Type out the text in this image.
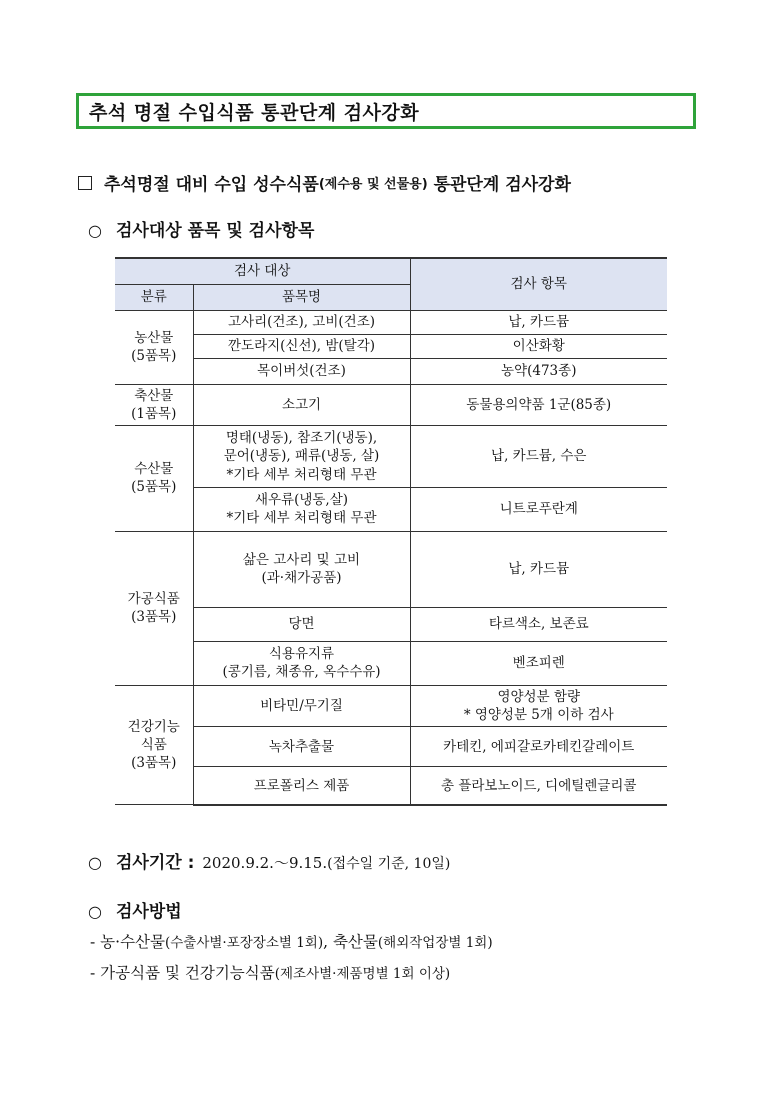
추석 명절 수입식품 통관단계 검사강화
추석명절 대비 수입 성수식품 (제수용 및 선물용) 통관단계 검사강화
○ 검사대상 품목 및 검사항목
검사 대상		검사 항목
분류	품목명	
농산물
(5품목)	고사리(건조), 고비(건조)	납, 카드뮴
	깐도라지(신선), 밤(탈각)	이산화황
	목이버섯(건조)	농약(473종)
축산물
(1품목)	소고기	동물용의약품 1군(85종)
수산물
(5품목)	명태(냉동), 참조기(냉동),
문어(냉동), 패류(냉동, 살)
*기타 세부 처리형태 무관	납, 카드뮴, 수은
	새우류(냉동,살)
*기타 세부 처리형태 무관	니트로푸란계
가공식품
(3품목)	삶은 고사리 및 고비
(과·채가공품)	납, 카드뮴
	당면	타르색소, 보존료
	식용유지류
(콩기름, 채종유, 옥수수유)	벤조피렌
건강기능
식품
(3품목)	비타민/무기질	영양성분 함량
* 영양성분 5개 이하 검사
	녹차추출물	카테킨, 에피갈로카테킨갈레이트
	프로폴리스 제품	총 플라보노이드, 디에틸렌글리콜
○ 검사기간 : 2020.9.2.～9.15. (접수일 기준, 10일)
○ 검사방법
- 농·수산물(수출사별·포장장소별 1회), 축산물(해외작업장별 1회)
- 가공식품 및 건강기능식품(제조사별·제품명별 1회 이상)
